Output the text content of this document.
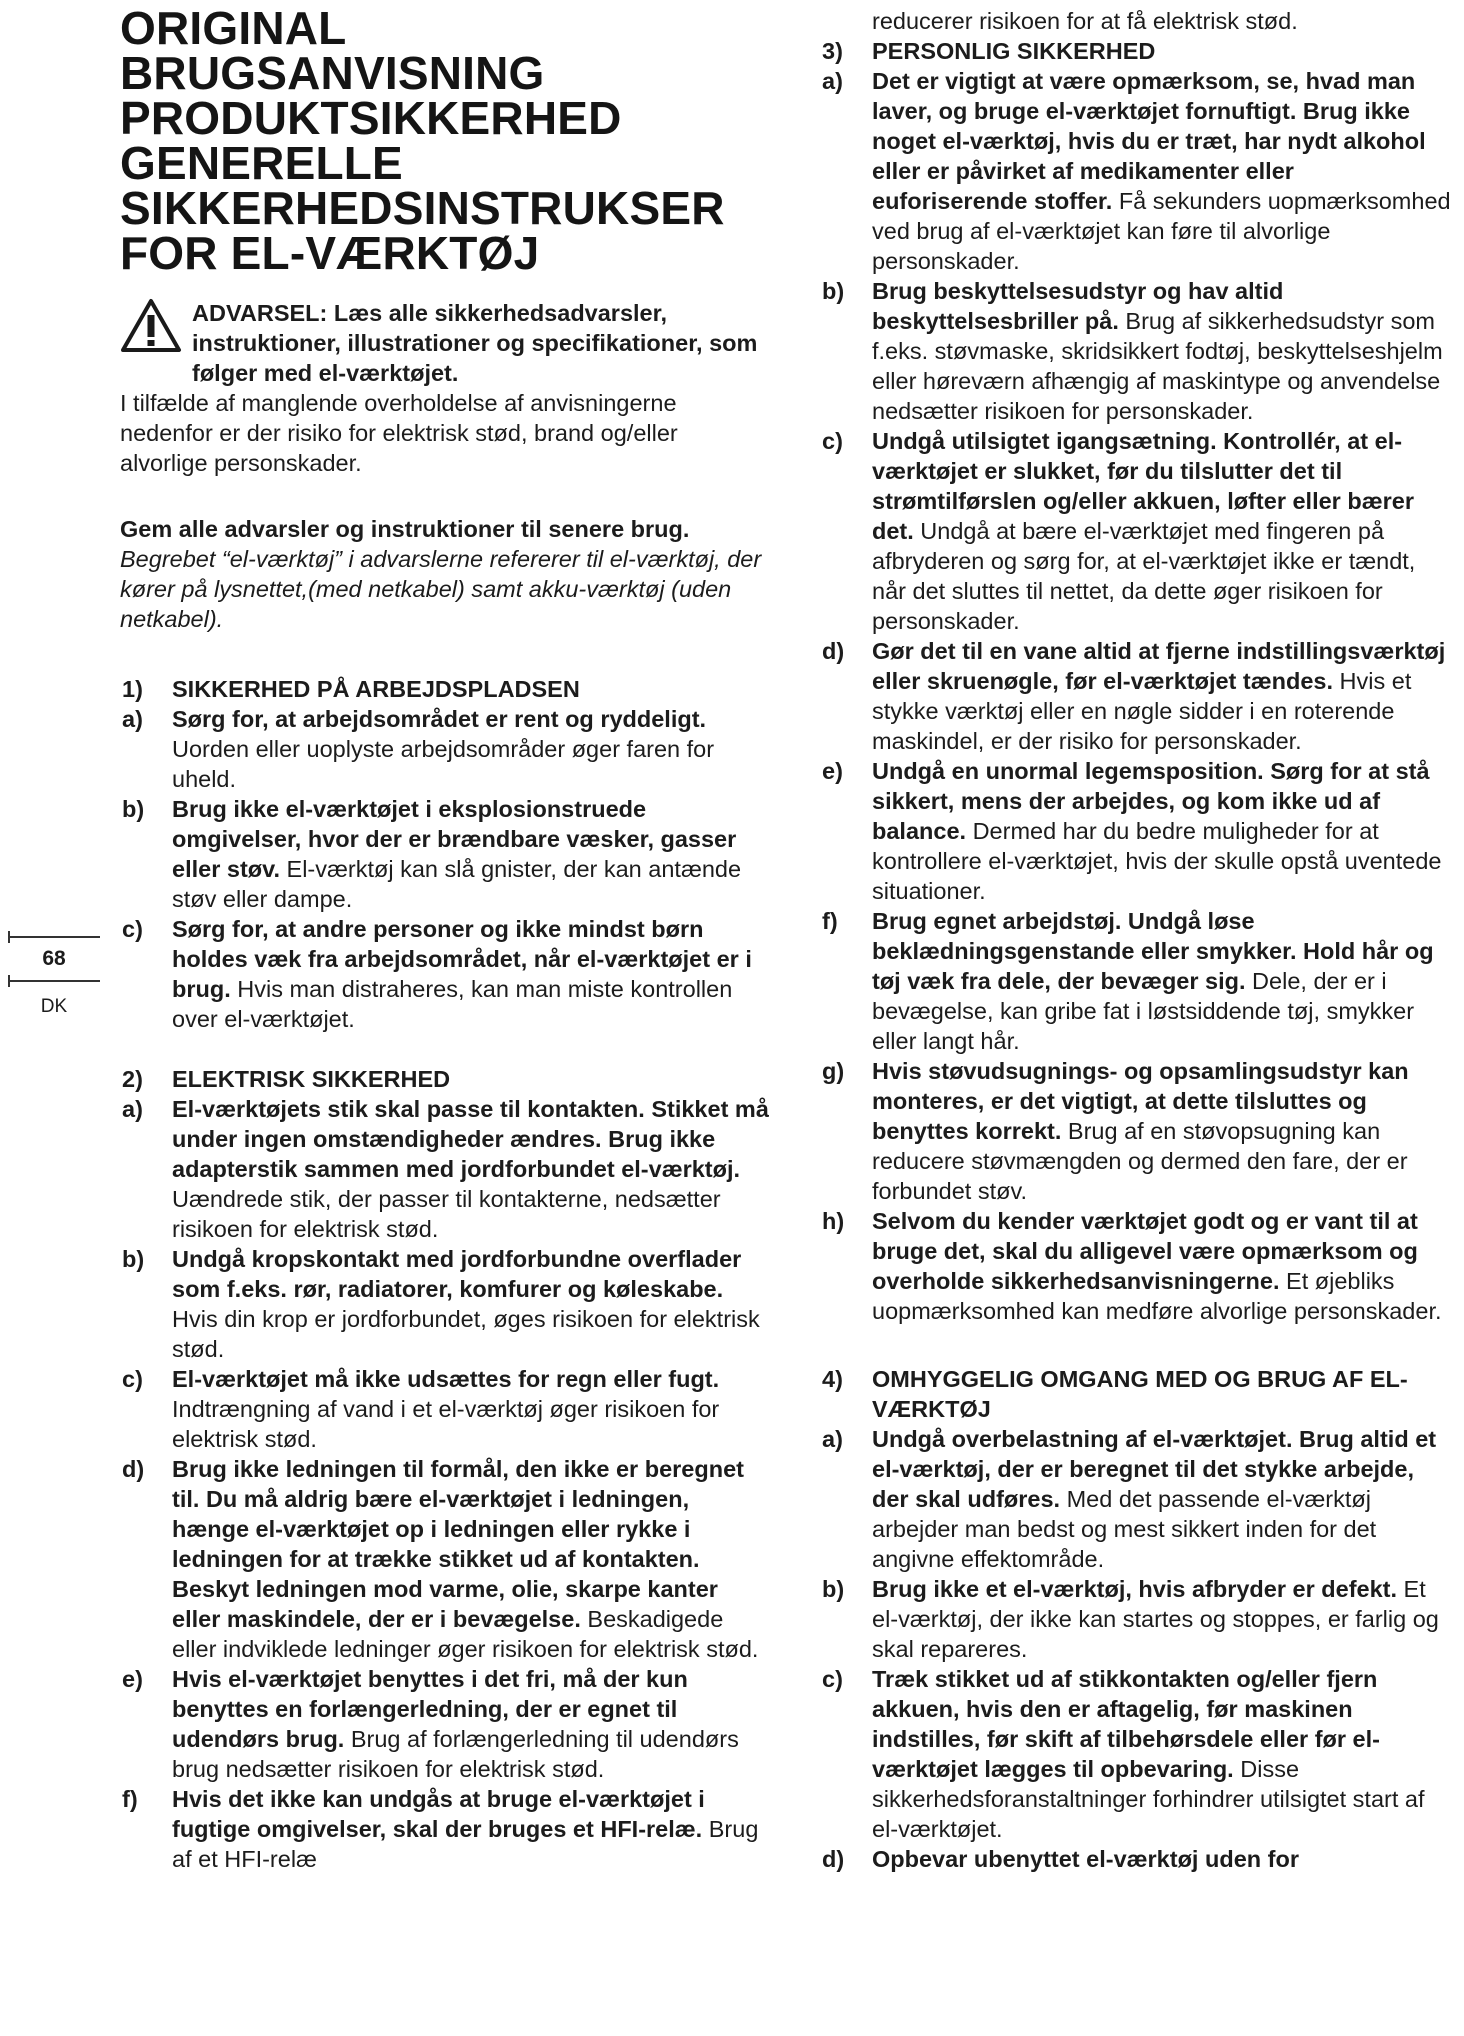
ORIGINAL
BRUGSANVISNING
PRODUKTSIKKERHED
GENERELLE
SIKKERHEDSINSTRUKSER
FOR EL-VÆRKTØJ
ADVARSEL: Læs alle sikkerhedsadvarsler, instruktioner, illustrationer og specifikationer, som følger med el-værktøjet.
I tilfælde af manglende overholdelse af anvisningerne nedenfor er der risiko for elektrisk stød, brand og/eller alvorlige personskader.
Gem alle advarsler og instruktioner til senere brug.
Begrebet “el-værktøj” i advarslerne refererer til el-værktøj, der kører på lysnettet,(med netkabel) samt akku-værktøj (uden netkabel).
1) SIKKERHED PÅ ARBEJDSPLADSEN
a) Sørg for, at arbejdsområdet er rent og ryddeligt. Uorden eller uoplyste arbejdsområder øger faren for uheld.
b) Brug ikke el-værktøjet i eksplosionstruede omgivelser, hvor der er brændbare væsker, gasser eller støv. El-værktøj kan slå gnister, der kan antænde støv eller dampe.
c) Sørg for, at andre personer og ikke mindst børn holdes væk fra arbejdsområdet, når el-værktøjet er i brug. Hvis man distraheres, kan man miste kontrollen over el-værktøjet.
2) ELEKTRISK SIKKERHED
a) El-værktøjets stik skal passe til kontakten. Stikket må under ingen omstændigheder ændres. Brug ikke adapterstik sammen med jordforbundet el-værktøj. Uændrede stik, der passer til kontakterne, nedsætter risikoen for elektrisk stød.
b) Undgå kropskontakt med jordforbundne overflader som f.eks. rør, radiatorer, komfurer og køleskabe. Hvis din krop er jordforbundet, øges risikoen for elektrisk stød.
c) El-værktøjet må ikke udsættes for regn eller fugt. Indtrængning af vand i et el-værktøj øger risikoen for elektrisk stød.
d) Brug ikke ledningen til formål, den ikke er beregnet til. Du må aldrig bære el-værktøjet i ledningen, hænge el-værktøjet op i ledningen eller rykke i ledningen for at trække stikket ud af kontakten. Beskyt ledningen mod varme, olie, skarpe kanter eller maskindele, der er i bevægelse. Beskadigede eller indviklede ledninger øger risikoen for elektrisk stød.
e) Hvis el-værktøjet benyttes i det fri, må der kun benyttes en forlængerledning, der er egnet til udendørs brug. Brug af forlængerledning til udendørs brug nedsætter risikoen for elektrisk stød.
f) Hvis det ikke kan undgås at bruge el-værktøjet i fugtige omgivelser, skal der bruges et HFI-relæ. Brug af et HFI-relæ
68
DK
reducerer risikoen for at få elektrisk stød.
3) PERSONLIG SIKKERHED
a) Det er vigtigt at være opmærksom, se, hvad man laver, og bruge el-værktøjet fornuftigt. Brug ikke noget el-værktøj, hvis du er træt, har nydt alkohol eller er påvirket af medikamenter eller euforiserende stoffer. Få sekunders uopmærksomhed ved brug af el-værktøjet kan føre til alvorlige personskader.
b) Brug beskyttelsesudstyr og hav altid beskyttelsesbriller på. Brug af sikkerhedsudstyr som f.eks. støvmaske, skridsikkert fodtøj, beskyttelseshjelm eller høreværn afhængig af maskintype og anvendelse nedsætter risikoen for personskader.
c) Undgå utilsigtet igangsætning. Kontrollér, at el-værktøjet er slukket, før du tilslutter det til strømtilførslen og/eller akkuen, løfter eller bærer det. Undgå at bære el-værktøjet med fingeren på afbryderen og sørg for, at el-værktøjet ikke er tændt, når det sluttes til nettet, da dette øger risikoen for personskader.
d) Gør det til en vane altid at fjerne indstillingsværktøj eller skruenøgle, før el-værktøjet tændes. Hvis et stykke værktøj eller en nøgle sidder i en roterende maskindel, er der risiko for personskader.
e) Undgå en unormal legemsposition. Sørg for at stå sikkert, mens der arbejdes, og kom ikke ud af balance. Dermed har du bedre muligheder for at kontrollere el-værktøjet, hvis der skulle opstå uventede situationer.
f) Brug egnet arbejdstøj. Undgå løse beklædningsgenstande eller smykker. Hold hår og tøj væk fra dele, der bevæger sig. Dele, der er i bevægelse, kan gribe fat i løstsiddende tøj, smykker eller langt hår.
g) Hvis støvudsugnings- og opsamlingsudstyr kan monteres, er det vigtigt, at dette tilsluttes og benyttes korrekt. Brug af en støvopsugning kan reducere støvmængden og dermed den fare, der er forbundet støv.
h) Selvom du kender værktøjet godt og er vant til at bruge det, skal du alligevel være opmærksom og overholde sikkerhedsanvisningerne. Et øjebliks uopmærksomhed kan medføre alvorlige personskader.
4) OMHYGGELIG OMGANG MED OG BRUG AF EL-VÆRKTØJ
a) Undgå overbelastning af el-værktøjet. Brug altid et el-værktøj, der er beregnet til det stykke arbejde, der skal udføres. Med det passende el-værktøj arbejder man bedst og mest sikkert inden for det angivne effektområde.
b) Brug ikke et el-værktøj, hvis afbryder er defekt. Et el-værktøj, der ikke kan startes og stoppes, er farlig og skal repareres.
c) Træk stikket ud af stikkontakten og/eller fjern akkuen, hvis den er aftagelig, før maskinen indstilles, før skift af tilbehørsdele eller før el-værktøjet lægges til opbevaring. Disse sikkerhedsforanstaltninger forhindrer utilsigtet start af el-værktøjet.
d) Opbevar ubenyttet el-værktøj uden for
